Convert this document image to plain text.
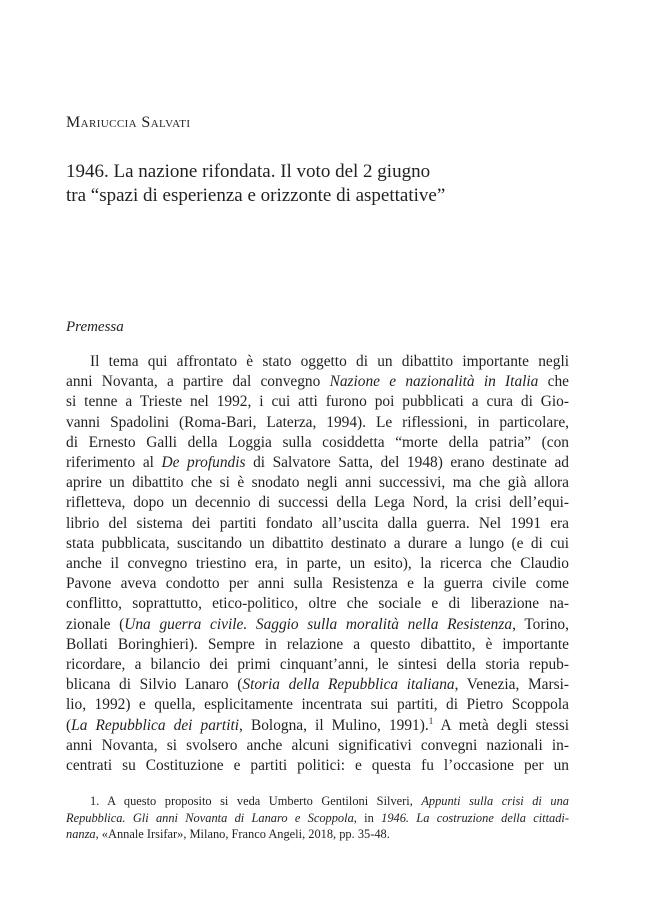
Mariuccia Salvati
1946. La nazione rifondata. Il voto del 2 giugno
tra “spazi di esperienza e orizzonte di aspettative”
Premessa
Il tema qui affrontato è stato oggetto di un dibattito importante negli
anni Novanta, a partire dal convegno Nazione e nazionalità in Italia che
si tenne a Trieste nel 1992, i cui atti furono poi pubblicati a cura di Gio-
vanni Spadolini (Roma-Bari, Laterza, 1994). Le riflessioni, in particolare,
di Ernesto Galli della Loggia sulla cosiddetta “morte della patria” (con
riferimento al De profundis di Salvatore Satta, del 1948) erano destinate ad
aprire un dibattito che si è snodato negli anni successivi, ma che già allora
rifletteva, dopo un decennio di successi della Lega Nord, la crisi dell’equi-
librio del sistema dei partiti fondato all’uscita dalla guerra. Nel 1991 era
stata pubblicata, suscitando un dibattito destinato a durare a lungo (e di cui
anche il convegno triestino era, in parte, un esito), la ricerca che Claudio
Pavone aveva condotto per anni sulla Resistenza e la guerra civile come
conflitto, soprattutto, etico-politico, oltre che sociale e di liberazione na-
zionale (Una guerra civile. Saggio sulla moralità nella Resistenza, Torino,
Bollati Boringhieri). Sempre in relazione a questo dibattito, è importante
ricordare, a bilancio dei primi cinquant’anni, le sintesi della storia repub-
blicana di Silvio Lanaro (Storia della Repubblica italiana, Venezia, Marsi-
lio, 1992) e quella, esplicitamente incentrata sui partiti, di Pietro Scoppola
(La Repubblica dei partiti, Bologna, il Mulino, 1991).$^1$ A metà degli stessi
anni Novanta, si svolsero anche alcuni significativi convegni nazionali in-
centrati su Costituzione e partiti politici: e questa fu l’occasione per un
1. A questo proposito si veda Umberto Gentiloni Silveri, Appunti sulla crisi di una
Repubblica. Gli anni Novanta di Lanaro e Scoppola, in 1946. La costruzione della cittadi-
nanza, «Annale Irsifar», Milano, Franco Angeli, 2018, pp. 35-48.
